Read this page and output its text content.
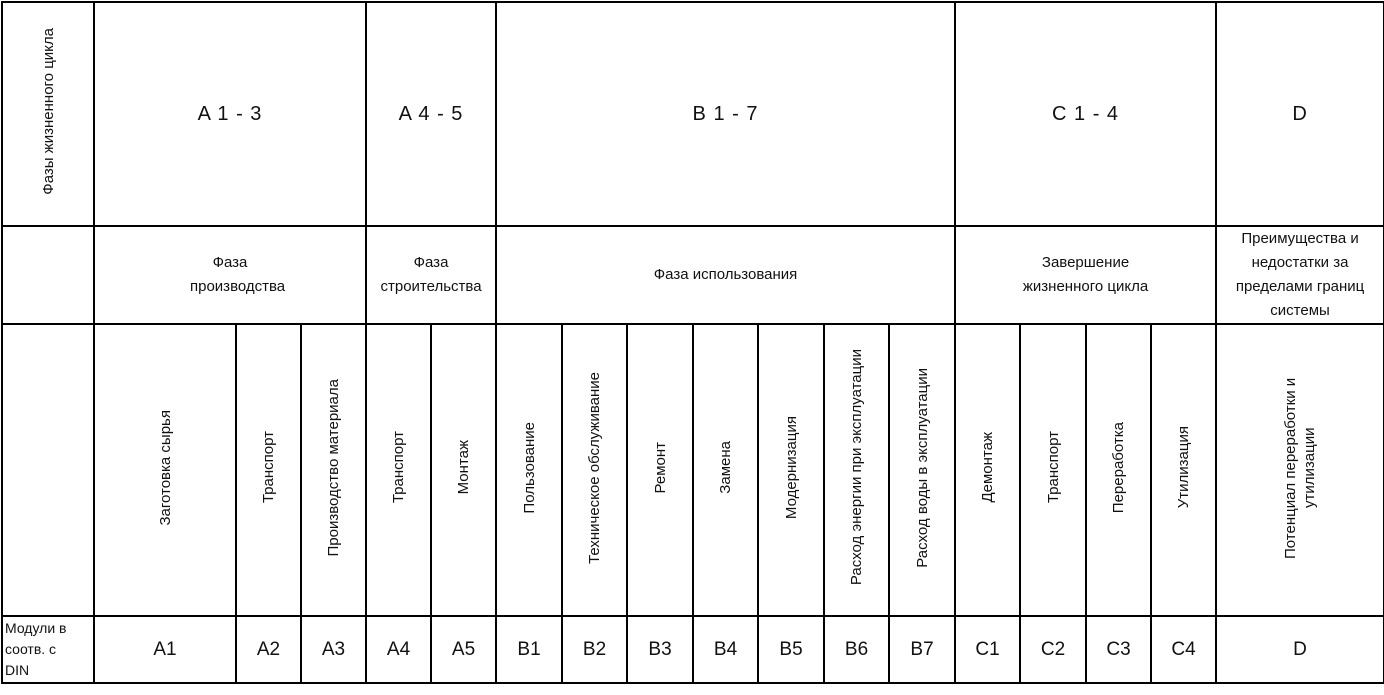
Фазы жизненного цикла	A 1 - 3			A 4 - 5		B 1 - 7							C 1 - 4				D
	Фаза производства			Фаза строительства		Фаза использования							Завершение жизненного цикла				Преимущества и недостатки за пределами границ системы
	Заготовка сырья	Транспорт	Производство материала	Транспорт	Монтаж	Пользование	Техническое обслуживание	Ремонт	Замена	Модернизация	Расход энергии при эксплуатации	Расход воды в эксплуатации	Демонтаж	Транспорт	Переработка	Утилизация	Потенциал переработки и утилизации
Модули в соотв. с DIN	A1	A2	A3	A4	A5	B1	B2	B3	B4	B5	B6	B7	C1	C2	C3	C4	D
